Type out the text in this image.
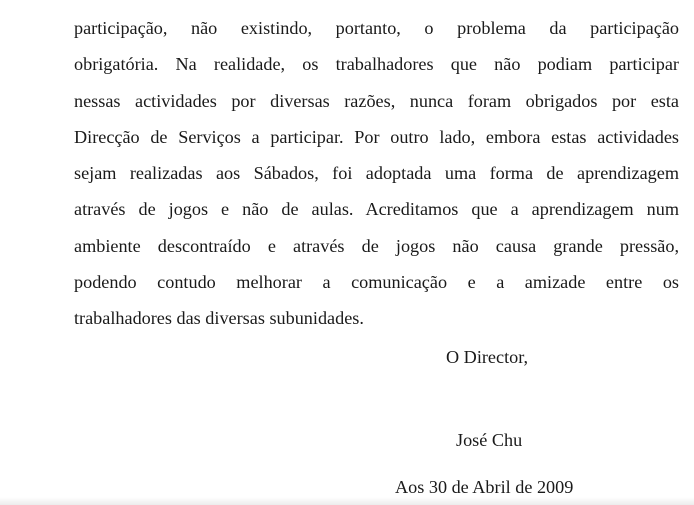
participação, não existindo, portanto, o problema da participação
obrigatória. Na realidade, os trabalhadores que não podiam participar
nessas actividades por diversas razões, nunca foram obrigados por esta
Direcção de Serviços a participar. Por outro lado, embora estas actividades
sejam realizadas aos Sábados, foi adoptada uma forma de aprendizagem
através de jogos e não de aulas. Acreditamos que a aprendizagem num
ambiente descontraído e através de jogos não causa grande pressão,
podendo contudo melhorar a comunicação e a amizade entre os
trabalhadores das diversas subunidades.
O Director,
José Chu
Aos 30 de Abril de 2009
